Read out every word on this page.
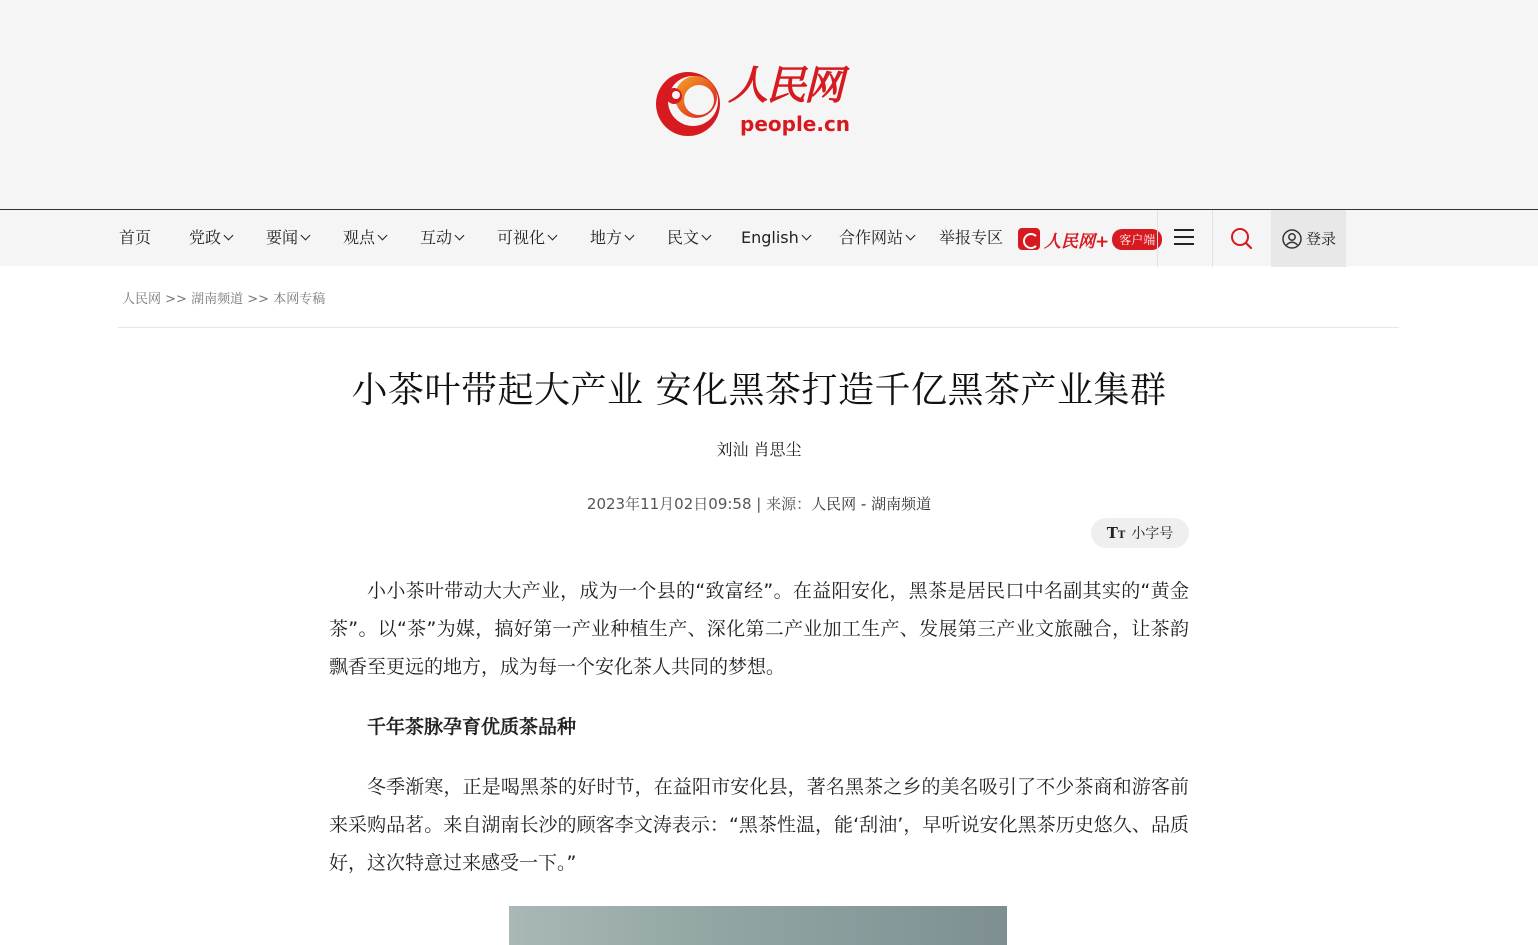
人民网
people.cn
首页 党政	要闻	观点	互动	可视化	地方	民文	English	合作网站	举报专区 人民网+ 客户端	登录
人民网 >> 湖南频道 >> 本网专稿
小茶叶带起大产业 安化黑茶打造千亿黑茶产业集群
刘汕 肖思尘
2023年11月02日09:58 | 来源：人民网 - 湖南频道
TT 小字号

小小茶叶带动大大产业，成为一个县的“致富经”。在益阳安化，黑茶是居民口中名副其实的“黄金茶”。以“茶”为媒，搞好第一产业种植生产、深化第二产业加工生产、发展第三产业文旅融合，让茶韵飘香至更远的地方，成为每一个安化茶人共同的梦想。

千年茶脉孕育优质茶品种

冬季渐寒，正是喝黑茶的好时节，在益阳市安化县，著名黑茶之乡的美名吸引了不少茶商和游客前来采购品茗。来自湖南长沙的顾客李文涛表示：“黑茶性温，能‘刮油’，早听说安化黑茶历史悠久、品质好，这次特意过来感受一下。”
